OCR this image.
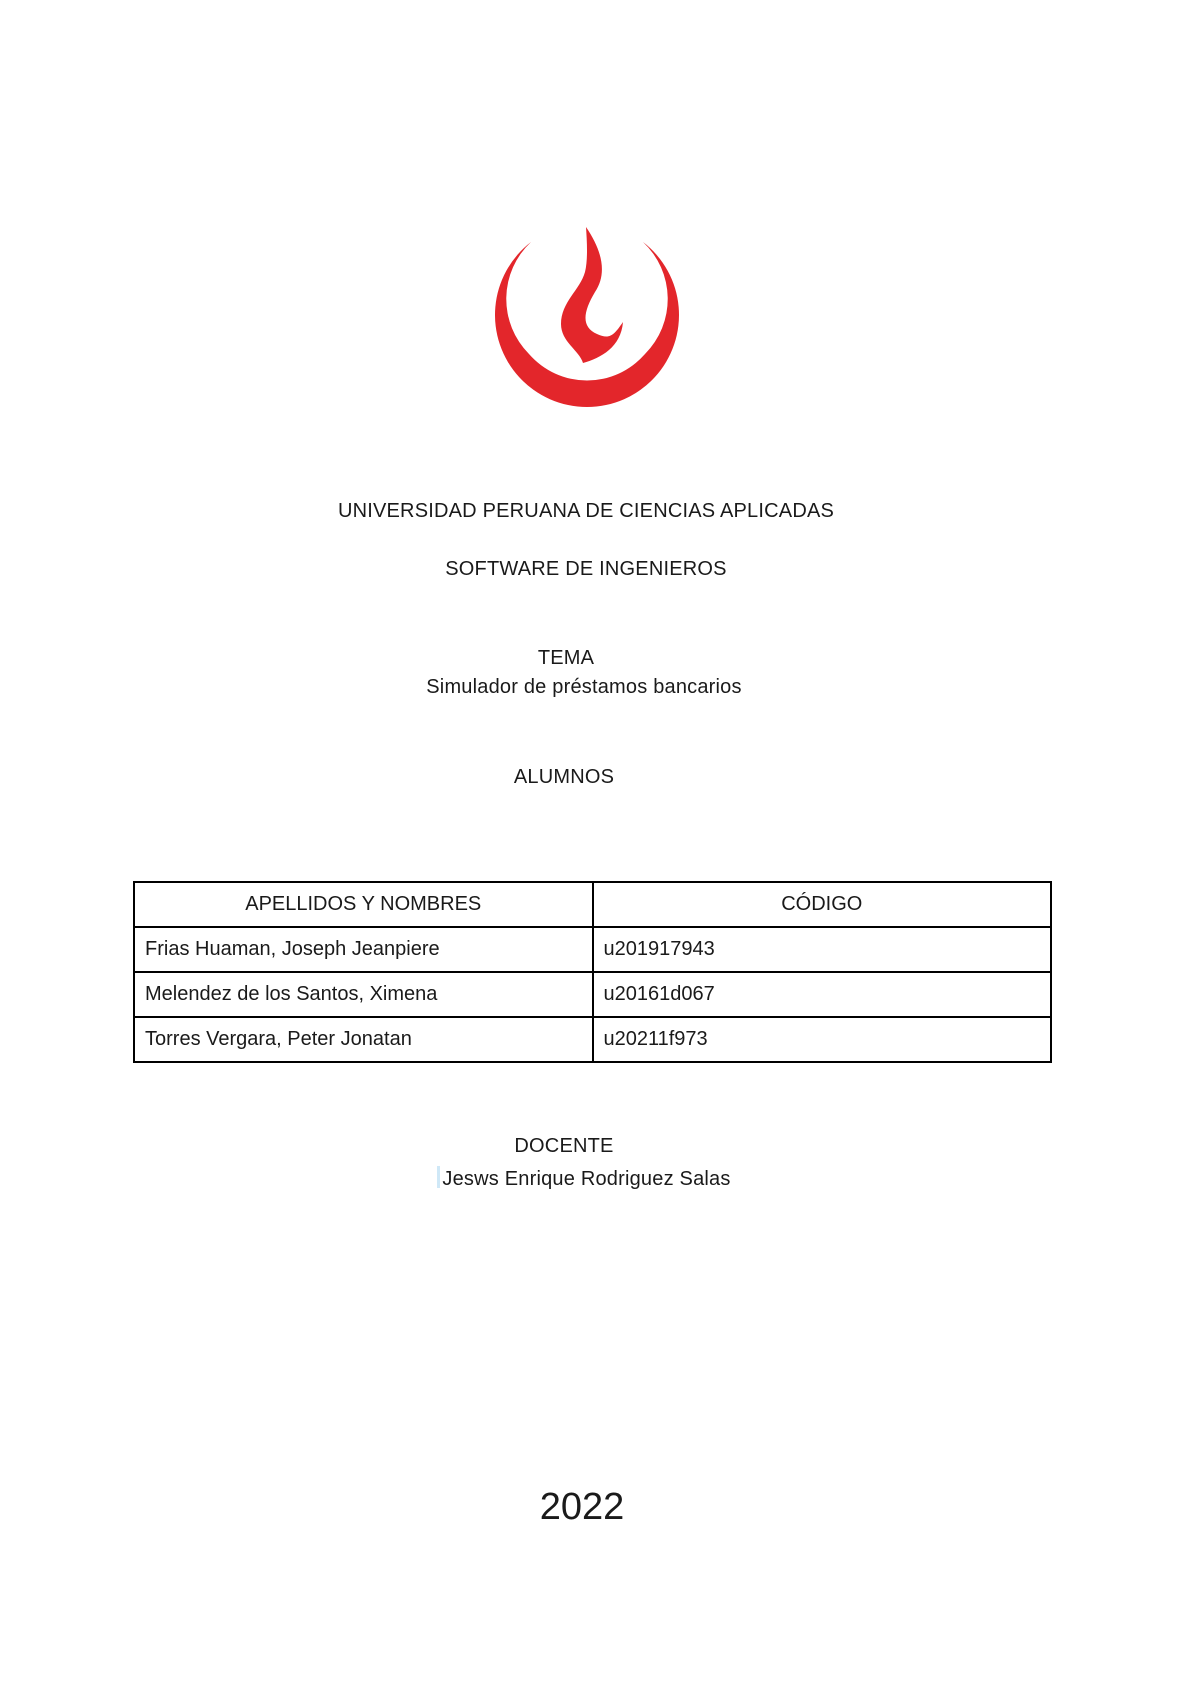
UNIVERSIDAD PERUANA DE CIENCIAS APLICADAS
SOFTWARE DE INGENIEROS
TEMA
Simulador de préstamos bancarios
ALUMNOS
APELLIDOS Y NOMBRES	CÓDIGO
Frias Huaman, Joseph Jeanpiere	u201917943
Melendez de los Santos, Ximena	u20161d067
Torres Vergara, Peter Jonatan	u20211f973
DOCENTE
Jesws Enrique Rodriguez Salas
2022
